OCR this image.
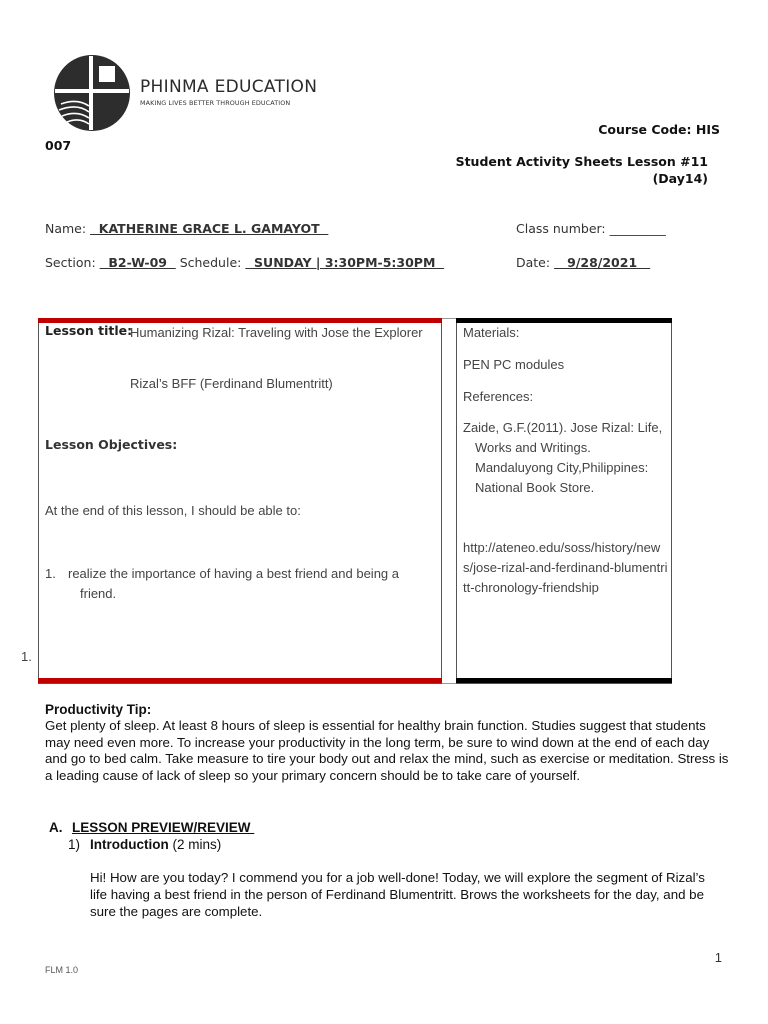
PHINMA EDUCATION
MAKING LIVES BETTER THROUGH EDUCATION
Course Code: HIS
007
Student Activity Sheets Lesson #11
(Day14)
Name:   KATHERINE GRACE L. GAMAYOT	Class number: _________
Section:   B2-W-09   Schedule:   SUNDAY | 3:30PM-5:30PM	Date:    9/28/2021
Lesson title:
Humanizing Rizal: Traveling with Jose the Explorer
Rizal’s BFF (Ferdinand Blumentritt)
Lesson Objectives:
At the end of this lesson, I should be able to:
1. realize the importance of having a best friend and being a friend.
1.
Materials:
PEN PC modules
References:
Zaide, G.F.(2011). Jose Rizal: Life, Works and Writings. Mandaluyong City,Philippines: National Book Store.
http://ateneo.edu/soss/history/news/jose-rizal-and-ferdinand-blumentritt-chronology-friendship
Productivity Tip:
Get plenty of sleep. At least 8 hours of sleep is essential for healthy brain function. Studies suggest that students may need even more. To increase your productivity in the long term, be sure to wind down at the end of each day and go to bed calm. Take measure to tire your body out and relax the mind, such as exercise or meditation. Stress is a leading cause of lack of sleep so your primary concern should be to take care of yourself.
A. LESSON PREVIEW/REVIEW
1) Introduction (2 mins)
Hi! How are you today? I commend you for a job well-done! Today, we will explore the segment of Rizal’s life having a best friend in the person of Ferdinand Blumentritt. Brows the worksheets for the day, and be sure the pages are complete.
1
FLM 1.0
